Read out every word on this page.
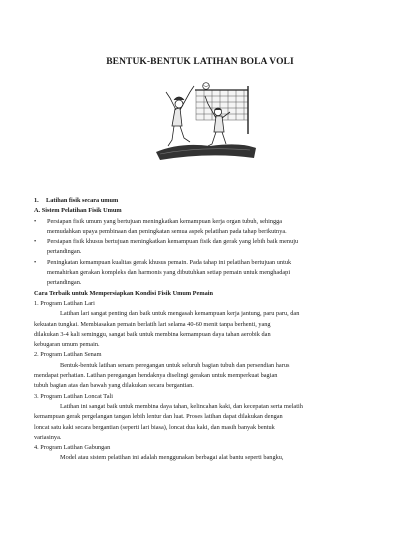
BENTUK-BENTUK LATIHAN BOLA VOLI

1. Latihan fisik secara umum

A. Sistem Pelatihan Fisik Umum

• Persiapan fisik umum yang bertujuan meningkatkan kemampuan kerja organ tubuh, sehingga
memudahkan upaya pembinaan dan peningkatan semua aspek pelatihan pada tahap berikutnya.
• Persiapan fisik khusus bertujuan meningkatkan kemampuan fisik dan gerak yang lebih baik menuju
pertandingan.
• Peningkatan kemampuan kualitas gerak khusus pemain. Pada tahap ini pelatihan bertujuan untuk
memahirkan gerakan kompleks dan harmonis yang dibutuhkan setiap pemain untuk menghadapi
pertandingan.

Cara Terbaik untuk Mempersiapkan Kondisi Fisik Umum Pemain

1. Program Latihan Lari

Latihan lari sangat penting dan baik untuk mengasah kemampuan kerja jantung, paru paru, dan

kekuatan tungkai. Membiasakan pemain berlatih lari selama 40-60 menit tanpa berhenti, yang

dilakukan 3-4 kali seminggu, sangat baik untuk membina kemampuan daya tahan aerobik dan

kebugaran umum pemain.

2. Program Latihan Senam

Bentuk-bentuk latihan senam peregangan untuk seluruh bagian tubuh dan persendian harus

mendapat perhatian. Latihan peregangan hendaknya diselingi gerakan untuk memperkuat bagian

tubuh bagian atas dan bawah yang dilakukan secara bergantian.

3. Program Latihan Loncat Tali

Latihan ini sangat baik untuk membina daya tahan, kelincahan kaki, dan kecepatan serta melatih

kemampuan gerak pergelangan tangan lebih lentur dan luat. Proses latihan dapat dilakukan dengan

loncat satu kaki secara bergantian (seperti lari biasa), loncat dua kaki, dan masih banyak bentuk

variasinya.

4. Program Latihan Gabungan

Model atau sistem pelatihan ini adalah menggunakan berbagai alat bantu seperti bangku,
